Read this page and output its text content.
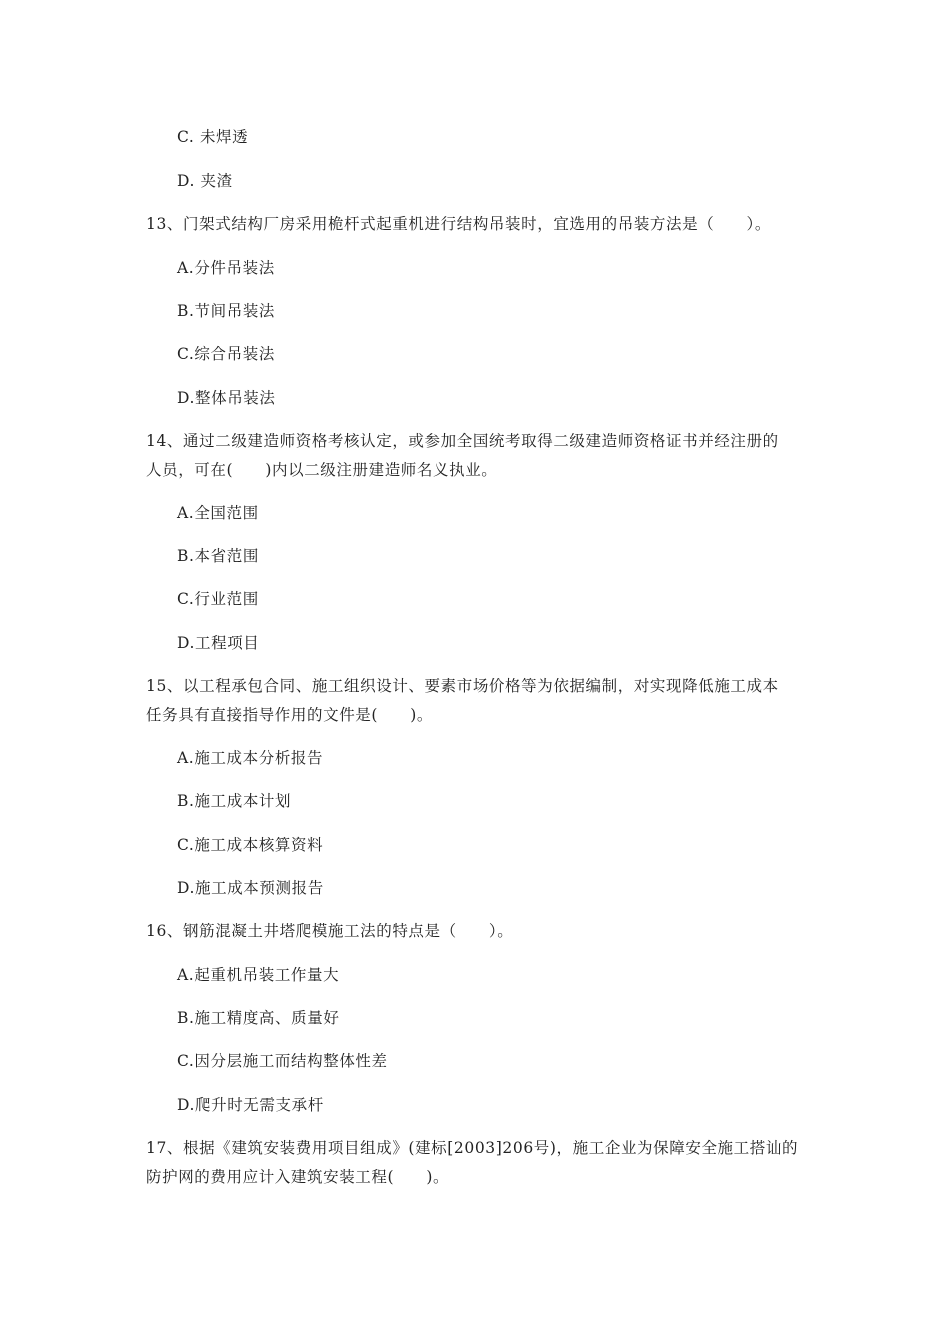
C. 未焊透
D. 夹渣
13、门架式结构厂房采用桅杆式起重机进行结构吊装时，宜选用的吊装方法是（　　）。
A.分件吊装法
B.节间吊装法
C.综合吊装法
D.整体吊装法
14、通过二级建造师资格考核认定，或参加全国统考取得二级建造师资格证书并经注册的
人员，可在(　　)内以二级注册建造师名义执业。
A.全国范围
B.本省范围
C.行业范围
D.工程项目
15、以工程承包合同、施工组织设计、要素市场价格等为依据编制，对实现降低施工成本
任务具有直接指导作用的文件是(　　)。
A.施工成本分析报告
B.施工成本计划
C.施工成本核算资料
D.施工成本预测报告
16、钢筋混凝土井塔爬模施工法的特点是（　　）。
A.起重机吊装工作量大
B.施工精度高、质量好
C.因分层施工而结构整体性差
D.爬升时无需支承杆
17、根据《建筑安装费用项目组成》(建标[2003]206号)，施工企业为保障安全施工搭讪的
防护网的费用应计入建筑安装工程(　　)。
